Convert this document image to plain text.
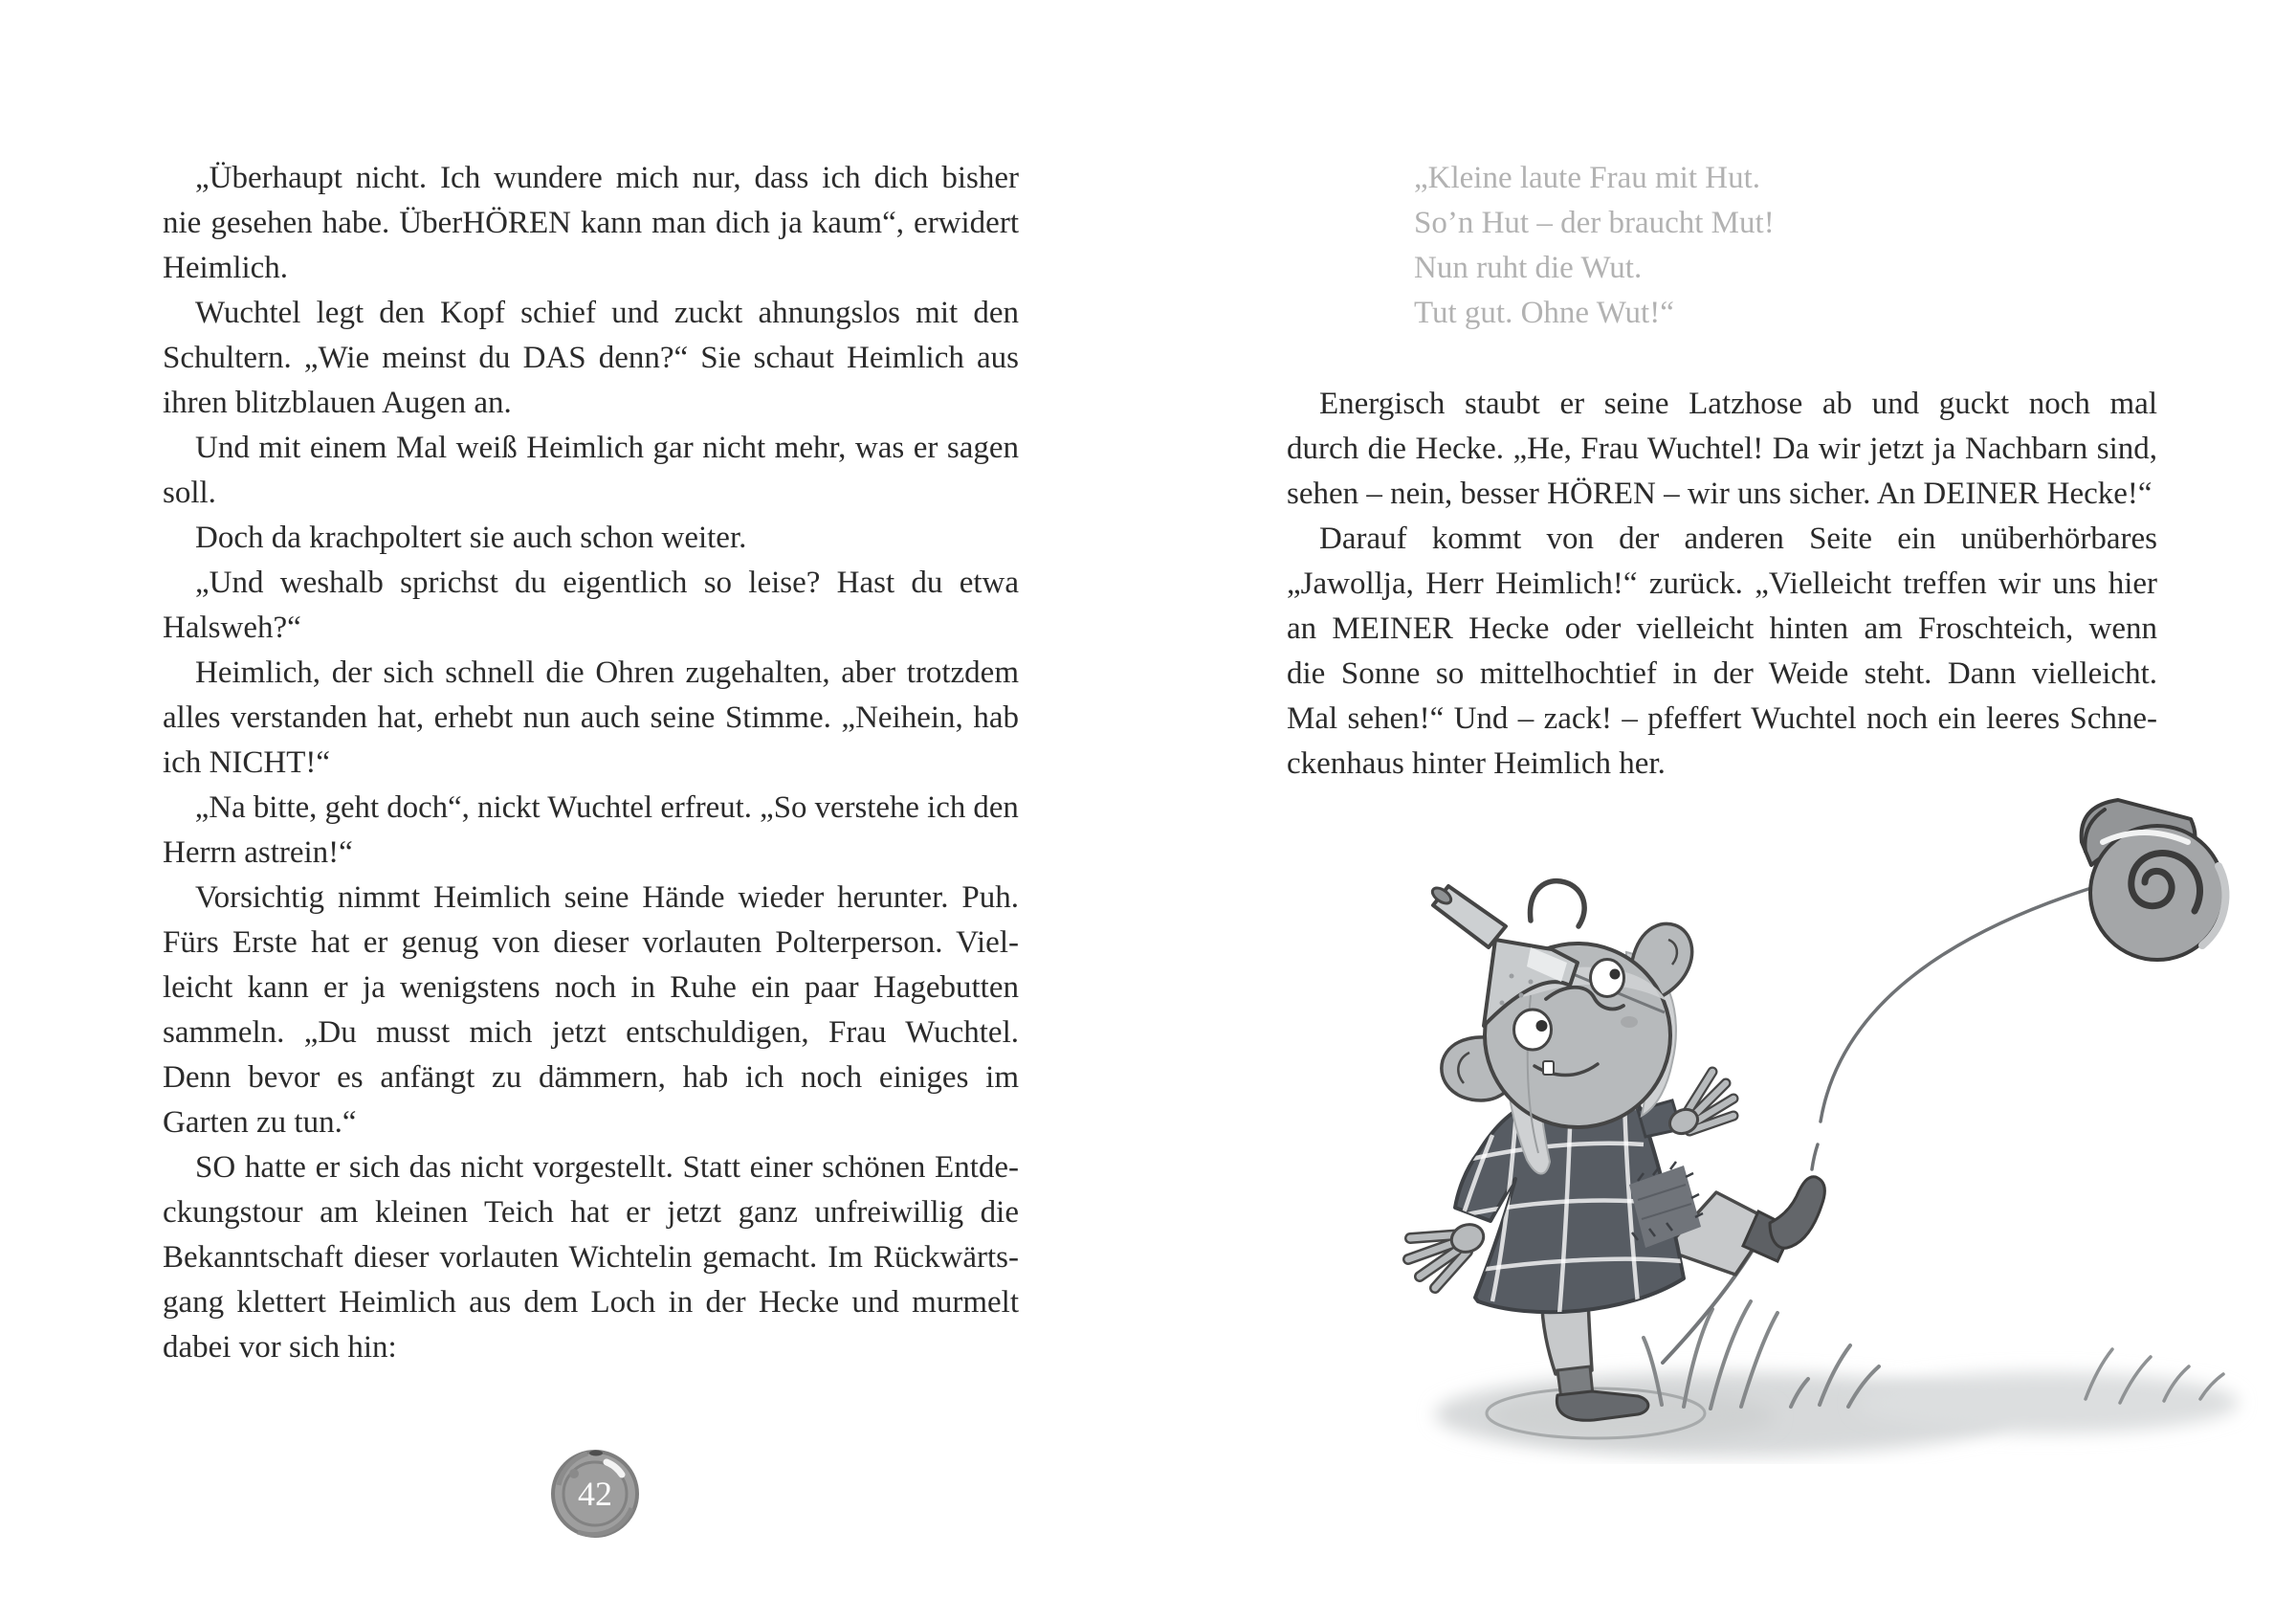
„Überhaupt nicht. Ich wundere mich nur, dass ich dich bisher
nie gesehen habe. ÜberHÖREN kann man dich ja kaum“, erwidert
Heimlich.
Wuchtel legt den Kopf schief und zuckt ahnungslos mit den
Schultern. „Wie meinst du DAS denn?“ Sie schaut Heimlich aus
ihren blitzblauen Augen an.
Und mit einem Mal weiß Heimlich gar nicht mehr, was er sagen
soll.
Doch da krachpoltert sie auch schon weiter.
„Und weshalb sprichst du eigentlich so leise? Hast du etwa
Halsweh?“
Heimlich, der sich schnell die Ohren zugehalten, aber trotzdem
alles verstanden hat, erhebt nun auch seine Stimme. „Neihein, hab
ich NICHT!“
„Na bitte, geht doch“, nickt Wuchtel erfreut. „So verstehe ich den
Herrn astrein!“
Vorsichtig nimmt Heimlich seine Hände wieder herunter. Puh.
Fürs Erste hat er genug von dieser vorlauten Polterperson. Viel-
leicht kann er ja wenigstens noch in Ruhe ein paar Hagebutten
sammeln. „Du musst mich jetzt entschuldigen, Frau Wuchtel.
Denn bevor es anfängt zu dämmern, hab ich noch einiges im
Garten zu tun.“
SO hatte er sich das nicht vorgestellt. Statt einer schönen Entde-
ckungstour am kleinen Teich hat er jetzt ganz unfreiwillig die
Bekanntschaft dieser vorlauten Wichtelin gemacht. Im Rückwärts-
gang klettert Heimlich aus dem Loch in der Hecke und murmelt
dabei vor sich hin:
42
„Kleine laute Frau mit Hut.
So’n Hut – der braucht Mut!
Nun ruht die Wut.
Tut gut. Ohne Wut!“
Energisch staubt er seine Latzhose ab und guckt noch mal
durch die Hecke. „He, Frau Wuchtel! Da wir jetzt ja Nachbarn sind,
sehen – nein, besser HÖREN – wir uns sicher. An DEINER Hecke!“
Darauf kommt von der anderen Seite ein unüberhörbares
„Jawollja, Herr Heimlich!“ zurück. „Vielleicht treffen wir uns hier
an MEINER Hecke oder vielleicht hinten am Froschteich, wenn
die Sonne so mittelhochtief in der Weide steht. Dann vielleicht.
Mal sehen!“ Und – zack! – pfeffert Wuchtel noch ein leeres Schne-
ckenhaus hinter Heimlich her.
